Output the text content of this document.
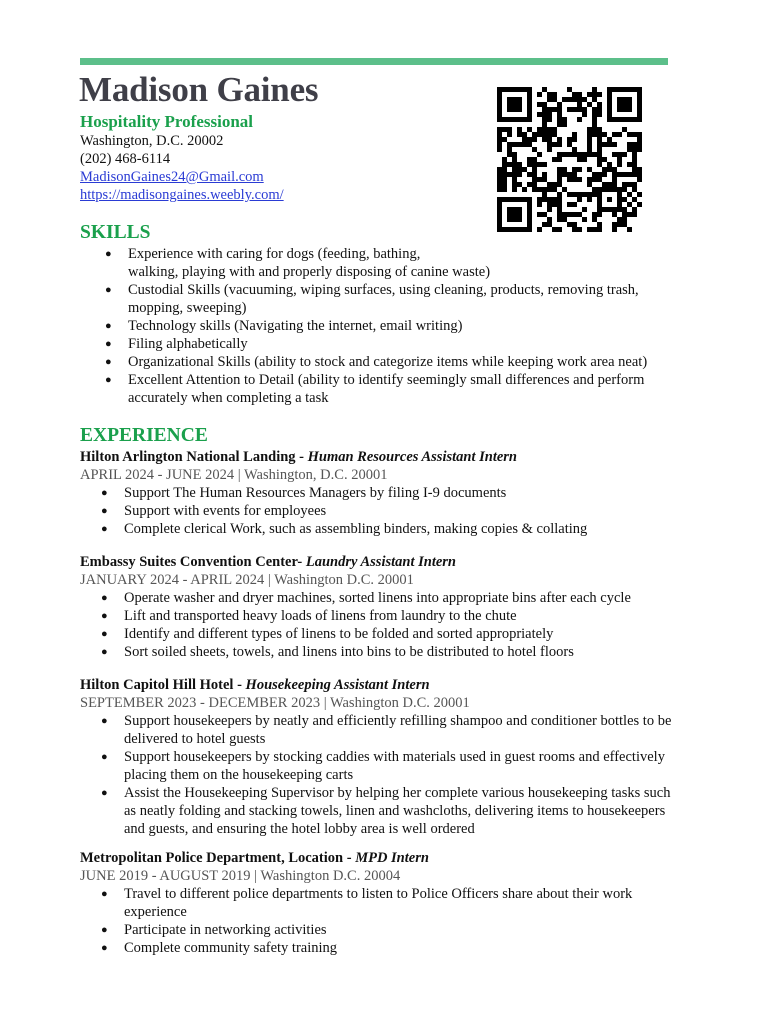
Madison Gaines
Hospitality Professional
Washington, D.C. 20002
(202) 468-6114
MadisonGaines24@Gmail.com
https://madisongaines.weebly.com/
SKILLS
● Experience with caring for dogs (feeding, bathing,
walking, playing with and properly disposing of canine waste)
● Custodial Skills (vacuuming, wiping surfaces, using cleaning, products, removing trash, mopping, sweeping)
● Technology skills (Navigating the internet, email writing)
● Filing alphabetically
● Organizational Skills (ability to stock and categorize items while keeping work area neat)
● Excellent Attention to Detail (ability to identify seemingly small differences and perform accurately when completing a task
EXPERIENCE
Hilton Arlington National Landing - Human Resources Assistant Intern
APRIL 2024 - JUNE 2024 | Washington, D.C. 20001
● Support The Human Resources Managers by filing I-9 documents
● Support with events for employees
● Complete clerical Work, such as assembling binders, making copies & collating
Embassy Suites Convention Center- Laundry Assistant Intern
JANUARY 2024 - APRIL 2024 | Washington D.C. 20001
● Operate washer and dryer machines, sorted linens into appropriate bins after each cycle
● Lift and transported heavy loads of linens from laundry to the chute
● Identify and different types of linens to be folded and sorted appropriately
● Sort soiled sheets, towels, and linens into bins to be distributed to hotel floors
Hilton Capitol Hill Hotel - Housekeeping Assistant Intern
SEPTEMBER 2023 - DECEMBER 2023 | Washington D.C. 20001
● Support housekeepers by neatly and efficiently refilling shampoo and conditioner bottles to be delivered to hotel guests
● Support housekeepers by stocking caddies with materials used in guest rooms and effectively placing them on the housekeeping carts
● Assist the Housekeeping Supervisor by helping her complete various housekeeping tasks such as neatly folding and stacking towels, linen and washcloths, delivering items to housekeepers and guests, and ensuring the hotel lobby area is well ordered
Metropolitan Police Department, Location - MPD Intern
JUNE 2019 - AUGUST 2019 | Washington D.C. 20004
● Travel to different police departments to listen to Police Officers share about their work experience
● Participate in networking activities
● Complete community safety training
